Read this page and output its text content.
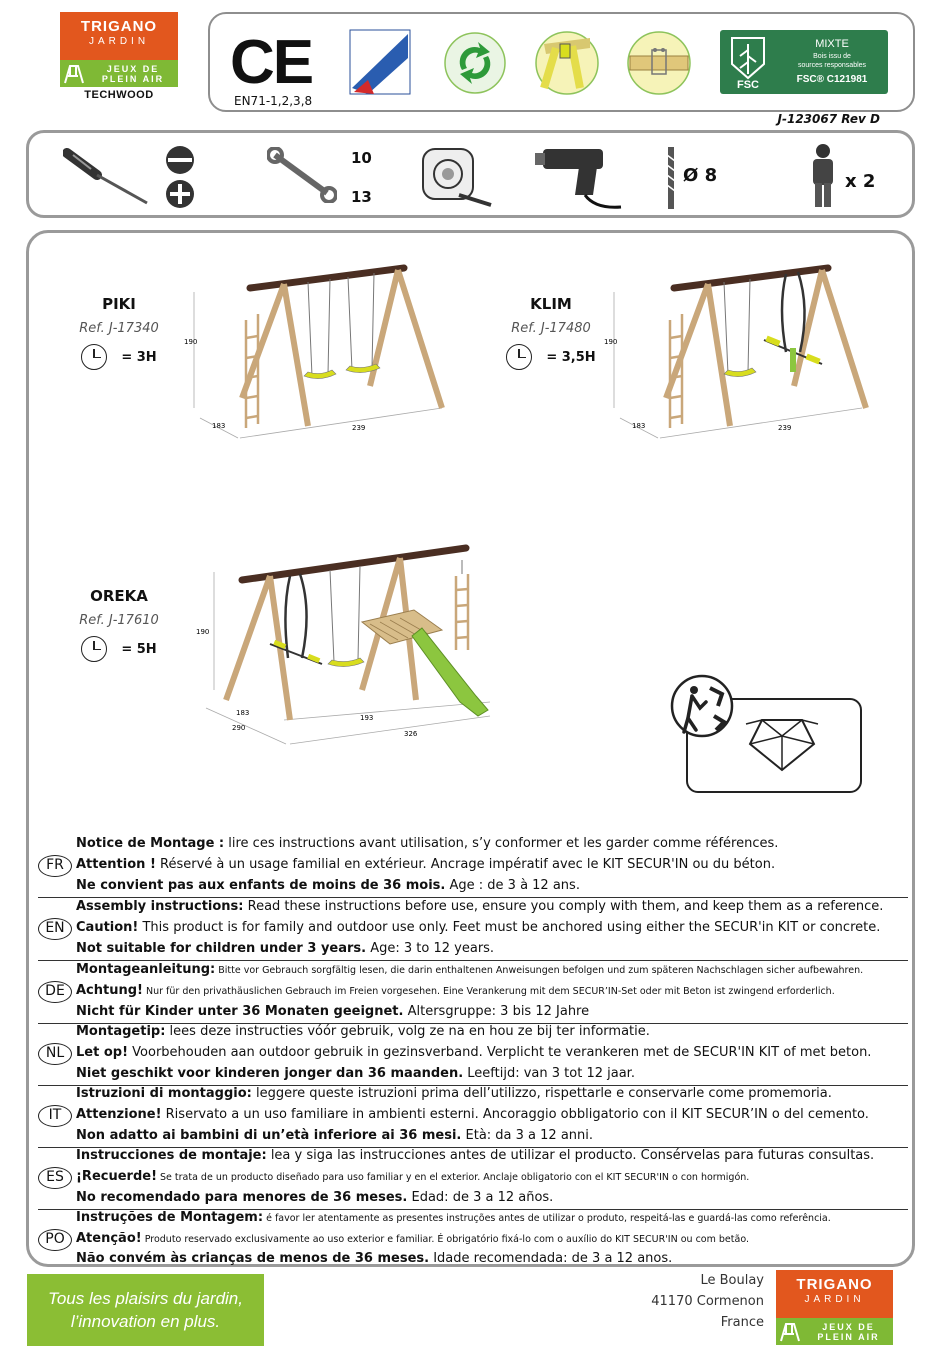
TRIGANO
JARDIN
JEUX DE
PLEIN AIR
TECHWOOD	CE
EN71-1,2,3,8
FSC
MIXTE
Bois issu de
sources responsables
FSC® C121981
J-123067 Rev D
10
13
Ø 8	x 2
PIKI
Ref. J-17340
= 3H
190
183	239
KLIM
Ref. J-17480
= 3,5H
190
183	239
OREKA
Ref. J-17610
= 5H
190
183
290
193
326
FR
Notice de Montage : lire ces instructions avant utilisation, s’y conformer et les garder comme références.
Attention ! Réservé à un usage familial en extérieur. Ancrage impératif avec le KIT SECUR'IN ou du béton.
Ne convient pas aux enfants de moins de 36 mois. Age : de 3 à 12 ans.
EN
Assembly instructions: Read these instructions before use, ensure you comply with them, and keep them as a reference.
Caution! This product is for family and outdoor use only. Feet must be anchored using either the SECUR'in KIT or concrete.
Not suitable for children under 3 years. Age: 3 to 12 years.
DE
Montageanleitung: Bitte vor Gebrauch sorgfältig lesen, die darin enthaltenen Anweisungen befolgen und zum späteren Nachschlagen sicher aufbewahren.
Achtung! Nur für den privathäuslichen Gebrauch im Freien vorgesehen. Eine Verankerung mit dem SECUR’IN-Set oder mit Beton ist zwingend erforderlich.
Nicht für Kinder unter 36 Monaten geeignet. Altersgruppe: 3 bis 12 Jahre
NL
Montagetip: lees deze instructies vóór gebruik, volg ze na en hou ze bij ter informatie.
Let op! Voorbehouden aan outdoor gebruik in gezinsverband. Verplicht te verankeren met de SECUR'IN KIT of met beton.
Niet geschikt voor kinderen jonger dan 36 maanden. Leeftijd: van 3 tot 12 jaar.
IT
Istruzioni di montaggio: leggere queste istruzioni prima dell’utilizzo, rispettarle e conservarle come promemoria.
Attenzione! Riservato a un uso familiare in ambienti esterni. Ancoraggio obbligatorio con il KIT SECUR’IN o del cemento.
Non adatto ai bambini di un’età inferiore ai 36 mesi. Età: da 3 a 12 anni.
ES
Instrucciones de montaje: lea y siga las instrucciones antes de utilizar el producto. Consérvelas para futuras consultas.
¡Recuerde! Se trata de un producto diseñado para uso familiar y en el exterior. Anclaje obligatorio con el KIT SECUR'IN o con hormigón.
No recomendado para menores de 36 meses. Edad: de 3 a 12 años.
PO
Instruções de Montagem: é favor ler atentamente as presentes instruções antes de utilizar o produto, respeitá-las e guardá-las como referência.
Atenção! Produto reservado exclusivamente ao uso exterior e familiar. É obrigatório fixá-lo com o auxílio do KIT SECUR'IN ou com betão.
Não convém às crianças de menos de 36 meses. Idade recomendada: de 3 a 12 anos.
Tous les plaisirs du jardin,
l’innovation en plus.
Le Boulay
41170 Cormenon
France
TRIGANO
JARDIN
JEUX DE
PLEIN AIR
